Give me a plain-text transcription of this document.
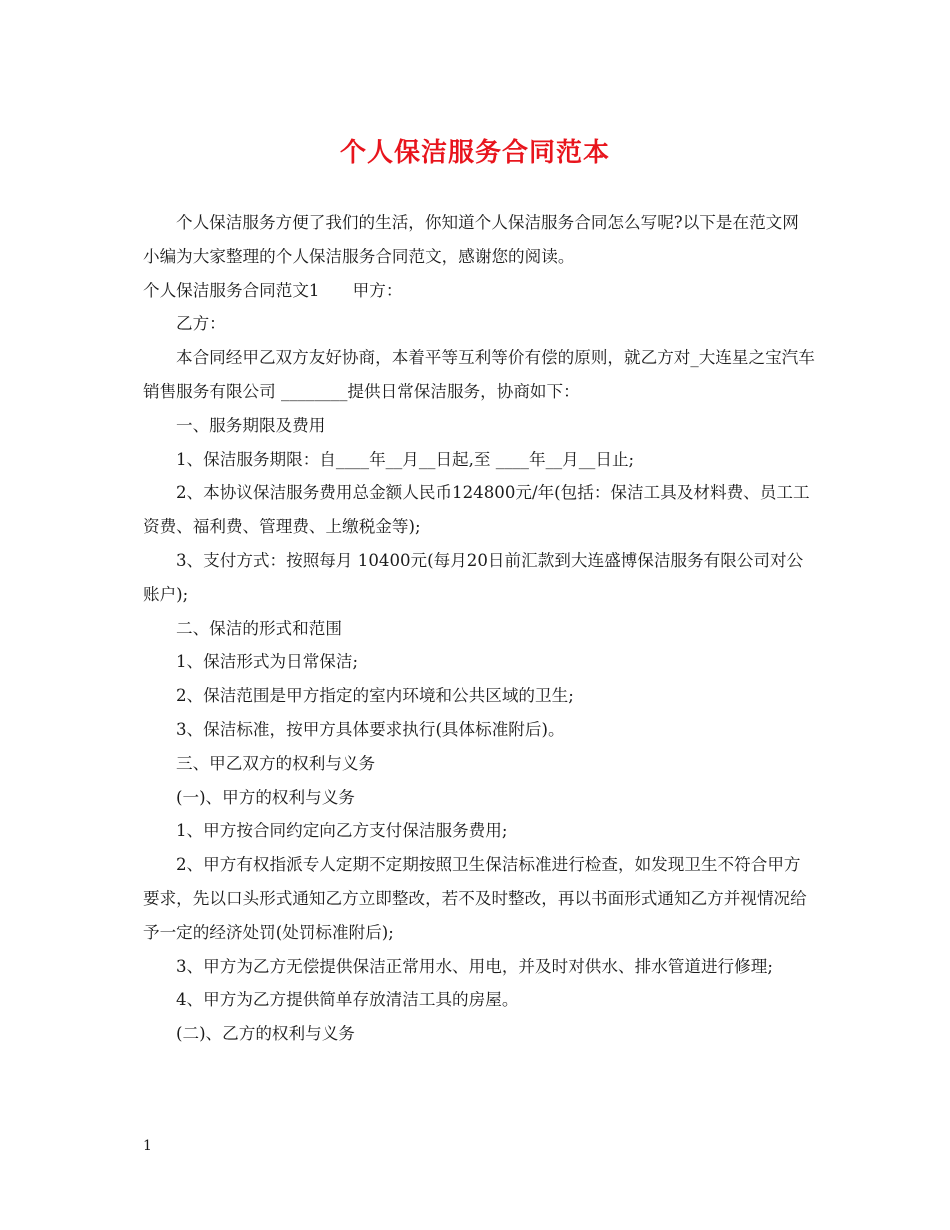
个人保洁服务合同范本

个人保洁服务方便了我们的生活，你知道个人保洁服务合同怎么写呢?以下是在范文网小编为大家整理的个人保洁服务合同范文，感谢您的阅读。

个人保洁服务合同范文1　　甲方：

乙方：

本合同经甲乙双方友好协商，本着平等互利等价有偿的原则，就乙方对_大连星之宝汽车销售服务有限公司 ________提供日常保洁服务，协商如下：

一、服务期限及费用

1、保洁服务期限：自____年__月__日起,至 ____年__月__日止;

2、本协议保洁服务费用总金额人民币124800元/年(包括：保洁工具及材料费、员工工资费、福利费、管理费、上缴税金等);

3、支付方式：按照每月 10400元(每月20日前汇款到大连盛博保洁服务有限公司对公账户);

二、保洁的形式和范围

1、保洁形式为日常保洁;

2、保洁范围是甲方指定的室内环境和公共区域的卫生;

3、保洁标准，按甲方具体要求执行(具体标准附后)。

三、甲乙双方的权利与义务

(一)、甲方的权利与义务

1、甲方按合同约定向乙方支付保洁服务费用;

2、甲方有权指派专人定期不定期按照卫生保洁标准进行检查，如发现卫生不符合甲方要求，先以口头形式通知乙方立即整改，若不及时整改，再以书面形式通知乙方并视情况给予一定的经济处罚(处罚标准附后);

3、甲方为乙方无偿提供保洁正常用水、用电，并及时对供水、排水管道进行修理;

4、甲方为乙方提供简单存放清洁工具的房屋。

(二)、乙方的权利与义务

1
